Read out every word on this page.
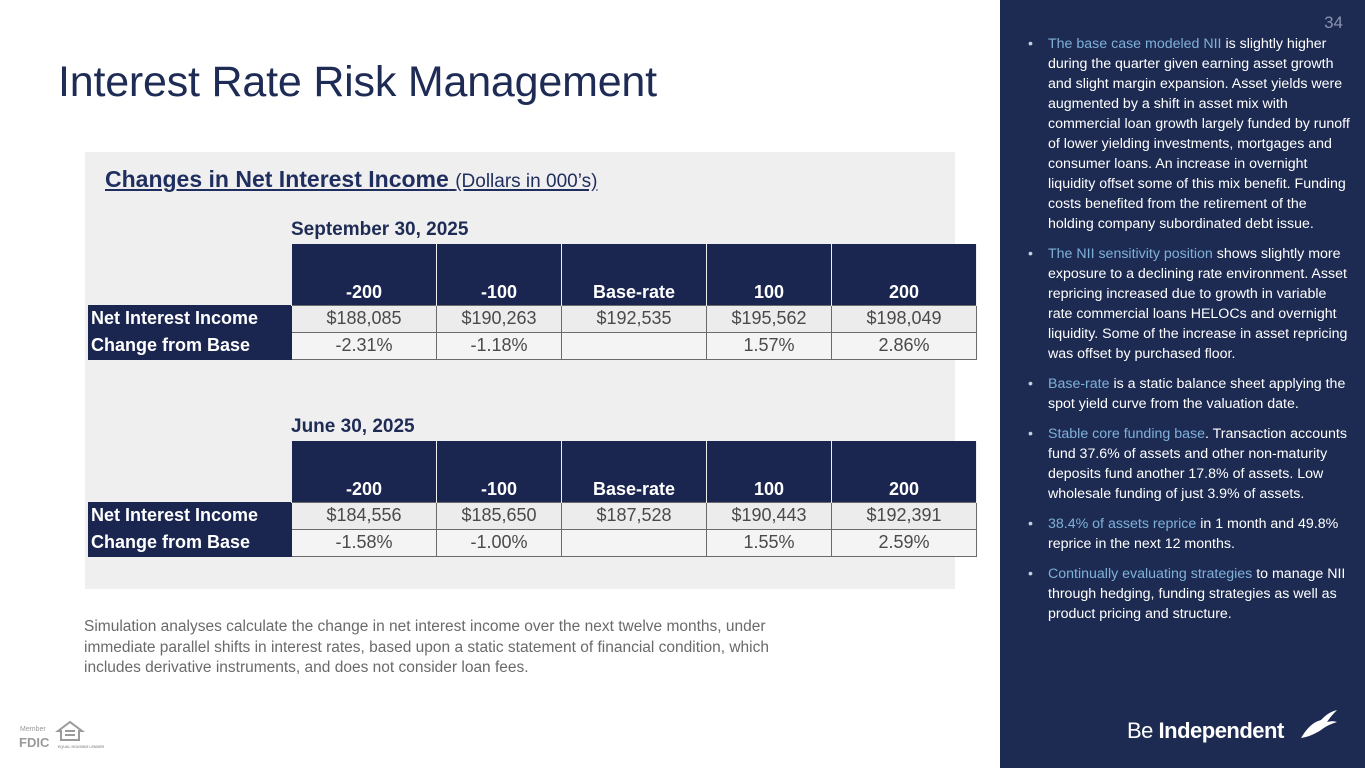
Interest Rate Risk Management
Changes in Net Interest Income (Dollars in 000’s)
September 30, 2025
	-200	-100	Base-rate	100	200
Net Interest Income	$188,085	$190,263	$192,535	$195,562	$198,049
Change from Base	-2.31%	-1.18%		1.57%	2.86%
June 30, 2025
	-200	-100	Base-rate	100	200
Net Interest Income	$184,556	$185,650	$187,528	$190,443	$192,391
Change from Base	-1.58%	-1.00%		1.55%	2.59%
Simulation analyses calculate the change in net interest income over the next twelve months, under immediate parallel shifts in interest rates, based upon a static statement of financial condition, which includes derivative instruments, and does not consider loan fees.
Member
FDIC EQUAL HOUSING LENDER
34
• The base case modeled NII is slightly higher during the quarter given earning asset growth and slight margin expansion. Asset yields were augmented by a shift in asset mix with commercial loan growth largely funded by runoff of lower yielding investments, mortgages and consumer loans. An increase in overnight liquidity offset some of this mix benefit. Funding costs benefited from the retirement of the holding company subordinated debt issue.
• The NII sensitivity position shows slightly more exposure to a declining rate environment. Asset repricing increased due to growth in variable rate commercial loans HELOCs and overnight liquidity. Some of the increase in asset repricing was offset by purchased floor.
• Base-rate is a static balance sheet applying the spot yield curve from the valuation date.
• Stable core funding base. Transaction accounts fund 37.6% of assets and other non-maturity deposits fund another 17.8% of assets. Low wholesale funding of just 3.9% of assets.
• 38.4% of assets reprice in 1 month and 49.8% reprice in the next 12 months.
• Continually evaluating strategies to manage NII through hedging, funding strategies as well as product pricing and structure.
Be Independent
